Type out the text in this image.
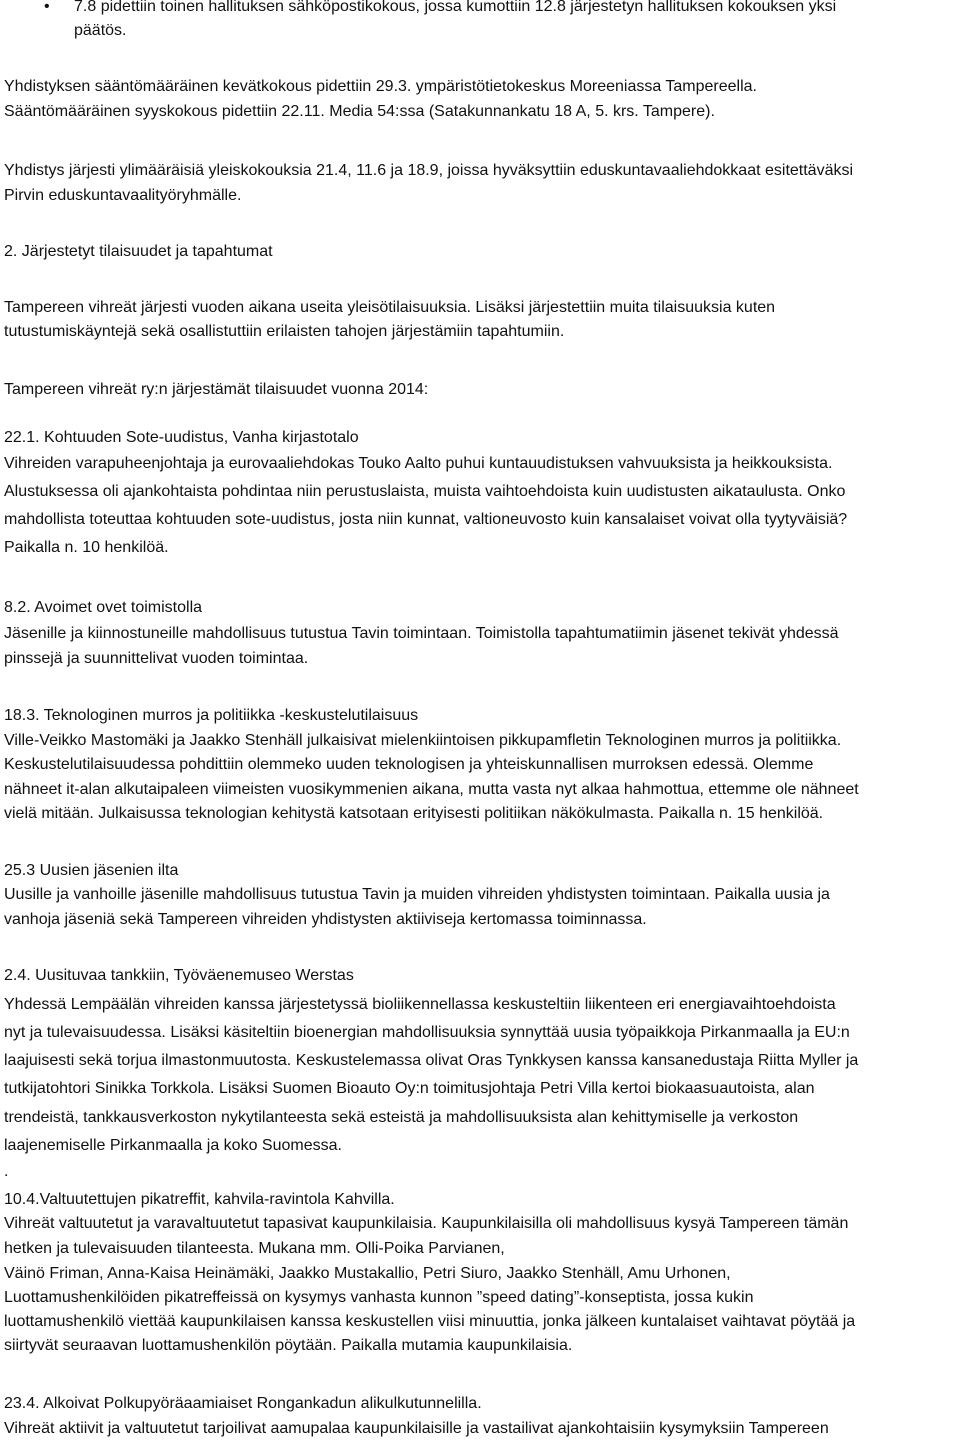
• 7.8 pidettiin toinen hallituksen sähköpostikokous, jossa kumottiin 12.8 järjestetyn hallituksen kokouksen yksi
päätös.
Yhdistyksen sääntömääräinen kevätkokous pidettiin 29.3. ympäristötietokeskus Moreeniassa Tampereella.
Sääntömääräinen syyskokous pidettiin 22.11. Media 54:ssa (Satakunnankatu 18 A, 5. krs. Tampere).
Yhdistys järjesti ylimääräisiä yleiskokouksia 21.4, 11.6 ja 18.9, joissa hyväksyttiin eduskuntavaaliehdokkaat esitettäväksi
Pirvin eduskuntavaalityöryhmälle.
2. Järjestetyt tilaisuudet ja tapahtumat
Tampereen vihreät järjesti vuoden aikana useita yleisötilaisuuksia. Lisäksi järjestettiin muita tilaisuuksia kuten
tutustumiskäyntejä sekä osallistuttiin erilaisten tahojen järjestämiin tapahtumiin.
Tampereen vihreät ry:n järjestämät tilaisuudet vuonna 2014:
22.1. Kohtuuden Sote-uudistus, Vanha kirjastotalo
Vihreiden varapuheenjohtaja ja eurovaaliehdokas Touko Aalto puhui kuntauudistuksen vahvuuksista ja heikkouksista.
Alustuksessa oli ajankohtaista pohdintaa niin perustuslaista, muista vaihtoehdoista kuin uudistusten aikataulusta. Onko
mahdollista toteuttaa kohtuuden sote-uudistus, josta niin kunnat, valtioneuvosto kuin kansalaiset voivat olla tyytyväisiä?
Paikalla n. 10 henkilöä.
8.2. Avoimet ovet toimistolla
Jäsenille ja kiinnostuneille mahdollisuus tutustua Tavin toimintaan. Toimistolla tapahtumatiimin jäsenet tekivät yhdessä
pinssejä ja suunnittelivat vuoden toimintaa.
18.3. Teknologinen murros ja politiikka -keskustelutilaisuus
Ville-Veikko Mastomäki ja Jaakko Stenhäll julkaisivat mielenkiintoisen pikkupamfletin Teknologinen murros ja politiikka.
Keskustelutilaisuudessa pohdittiin olemmeko uuden teknologisen ja yhteiskunnallisen murroksen edessä. Olemme
nähneet it-alan alkutaipaleen viimeisten vuosikymmenien aikana, mutta vasta nyt alkaa hahmottua, ettemme ole nähneet
vielä mitään. Julkaisussa teknologian kehitystä katsotaan erityisesti politiikan näkökulmasta. Paikalla n. 15 henkilöä.
25.3 Uusien jäsenien ilta
Uusille ja vanhoille jäsenille mahdollisuus tutustua Tavin ja muiden vihreiden yhdistysten toimintaan. Paikalla uusia ja
vanhoja jäseniä sekä Tampereen vihreiden yhdistysten aktiiviseja kertomassa toiminnassa.
2.4. Uusituvaa tankkiin, Työväenemuseo Werstas
Yhdessä Lempäälän vihreiden kanssa järjestetyssä bioliikennellassa keskusteltiin liikenteen eri energiavaihtoehdoista
nyt ja tulevaisuudessa. Lisäksi käsiteltiin bioenergian mahdollisuuksia synnyttää uusia työpaikkoja Pirkanmaalla ja EU:n
laajuisesti sekä torjua ilmastonmuutosta. Keskustelemassa olivat Oras Tynkkysen kanssa kansanedustaja Riitta Myller ja
tutkijatohtori Sinikka Torkkola. Lisäksi Suomen Bioauto Oy:n toimitusjohtaja Petri Villa kertoi biokaasuautoista, alan
trendeistä, tankkausverkoston nykytilanteesta sekä esteistä ja mahdollisuuksista alan kehittymiselle ja verkoston
laajenemiselle Pirkanmaalla ja koko Suomessa.
.
10.4.Valtuutettujen pikatreffit, kahvila-ravintola Kahvilla.
Vihreät valtuutetut ja varavaltuutetut tapasivat kaupunkilaisia. Kaupunkilaisilla oli mahdollisuus kysyä Tampereen tämän
hetken ja tulevaisuuden tilanteesta. Mukana mm. Olli-Poika Parvianen,
Väinö Friman, Anna-Kaisa Heinämäki, Jaakko Mustakallio, Petri Siuro, Jaakko Stenhäll, Amu Urhonen,
Luottamushenkilöiden pikatreffeissä on kysymys vanhasta kunnon ”speed dating”-konseptista, jossa kukin
luottamushenkilö viettää kaupunkilaisen kanssa keskustellen viisi minuuttia, jonka jälkeen kuntalaiset vaihtavat pöytää ja
siirtyvät seuraavan luottamushenkilön pöytään. Paikalla mutamia kaupunkilaisia.
23.4. Alkoivat Polkupyöräaamiaiset Rongankadun alikulkutunnelilla.
Vihreät aktiivit ja valtuutetut tarjoilivat aamupalaa kaupunkilaisille ja vastailivat ajankohtaisiin kysymyksiin Tampereen
